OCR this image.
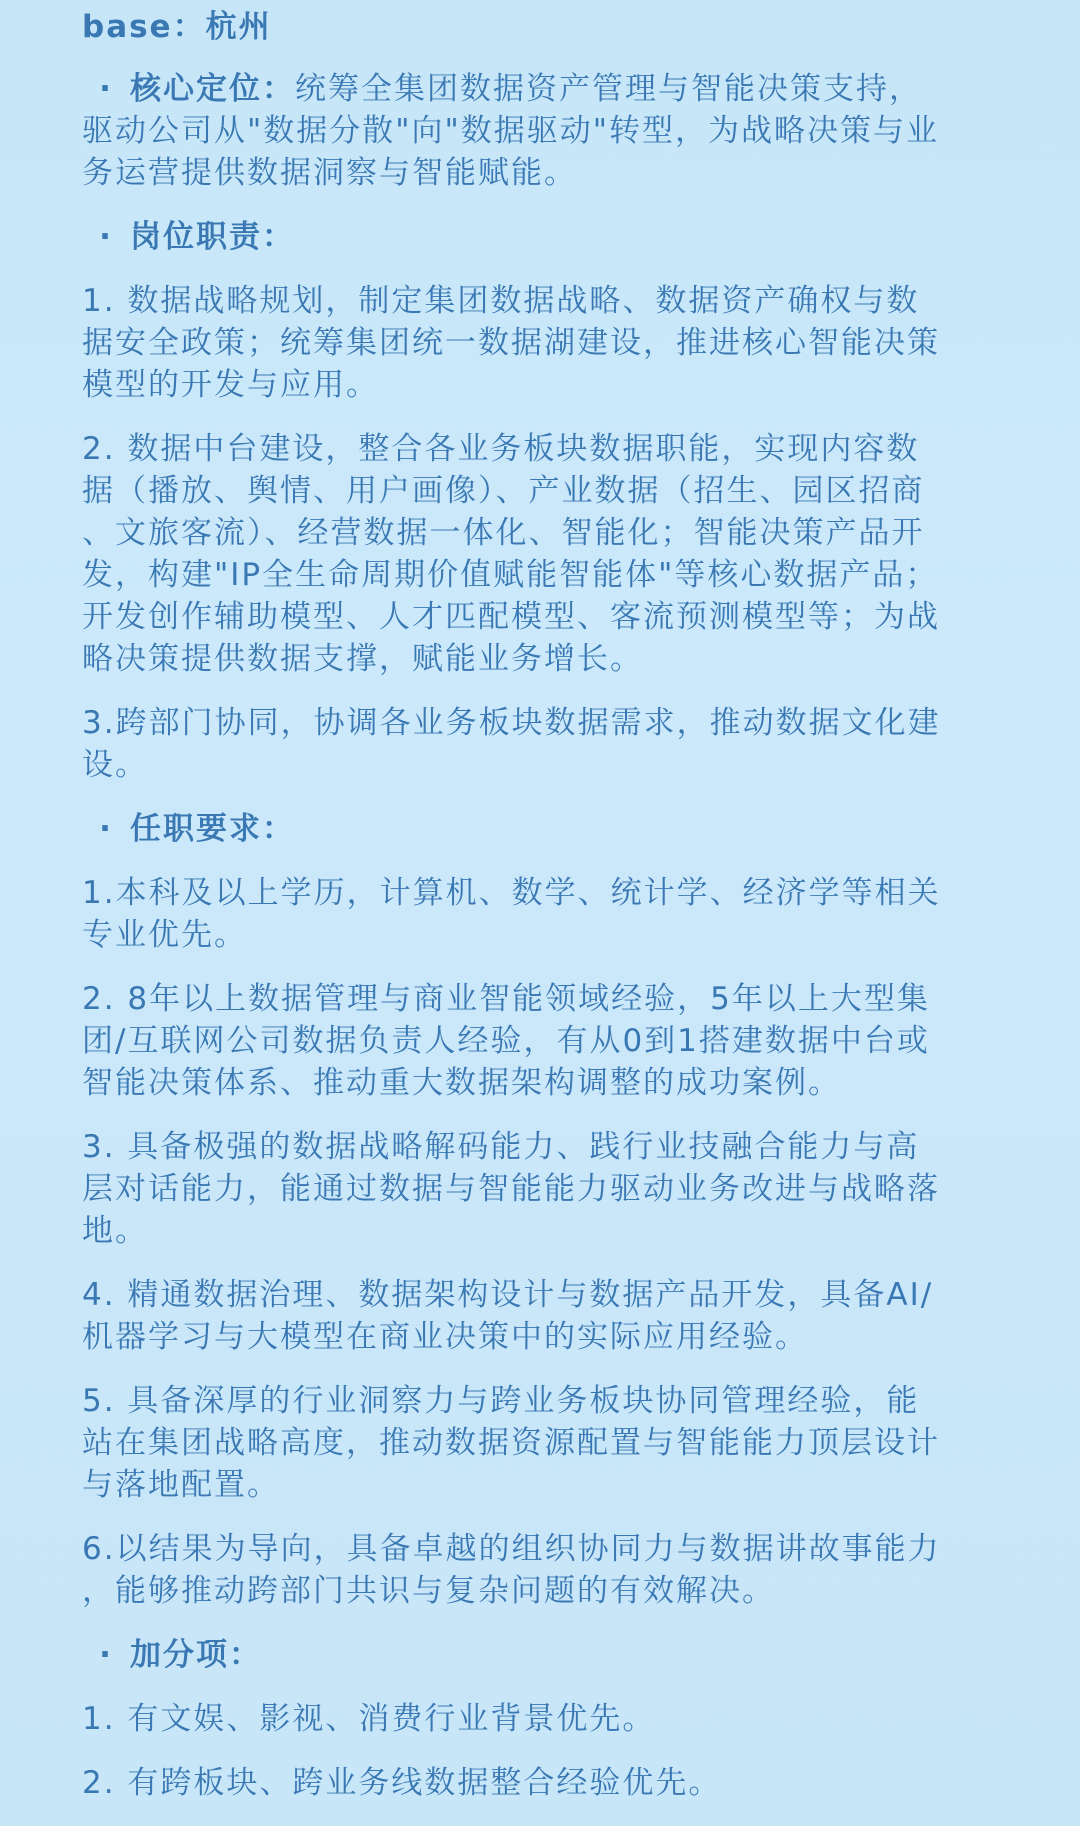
base：杭州
· 核心定位：统筹全集团数据资产管理与智能决策支持，
驱动公司从"数据分散"向"数据驱动"转型，为战略决策与业
务运营提供数据洞察与智能赋能。
· 岗位职责：
1. 数据战略规划，制定集团数据战略、数据资产确权与数
据安全政策；统筹集团统一数据湖建设，推进核心智能决策
模型的开发与应用。
2. 数据中台建设，整合各业务板块数据职能，实现内容数
据（播放、舆情、用户画像）、产业数据（招生、园区招商
、文旅客流）、经营数据一体化、智能化；智能决策产品开
发，构建"IP全生命周期价值赋能智能体"等核心数据产品；
开发创作辅助模型、人才匹配模型、客流预测模型等；为战
略决策提供数据支撑，赋能业务增长。
3.跨部门协同，协调各业务板块数据需求，推动数据文化建
设。
· 任职要求：
1.本科及以上学历，计算机、数学、统计学、经济学等相关
专业优先。
2. 8年以上数据管理与商业智能领域经验，5年以上大型集
团/互联网公司数据负责人经验，有从0到1搭建数据中台或
智能决策体系、推动重大数据架构调整的成功案例。
3. 具备极强的数据战略解码能力、践行业技融合能力与高
层对话能力，能通过数据与智能能力驱动业务改进与战略落
地。
4. 精通数据治理、数据架构设计与数据产品开发，具备AI/
机器学习与大模型在商业决策中的实际应用经验。
5. 具备深厚的行业洞察力与跨业务板块协同管理经验，能
站在集团战略高度，推动数据资源配置与智能能力顶层设计
与落地配置。
6.以结果为导向，具备卓越的组织协同力与数据讲故事能力
，能够推动跨部门共识与复杂问题的有效解决。
· 加分项：
1. 有文娱、影视、消费行业背景优先。
2. 有跨板块、跨业务线数据整合经验优先。
